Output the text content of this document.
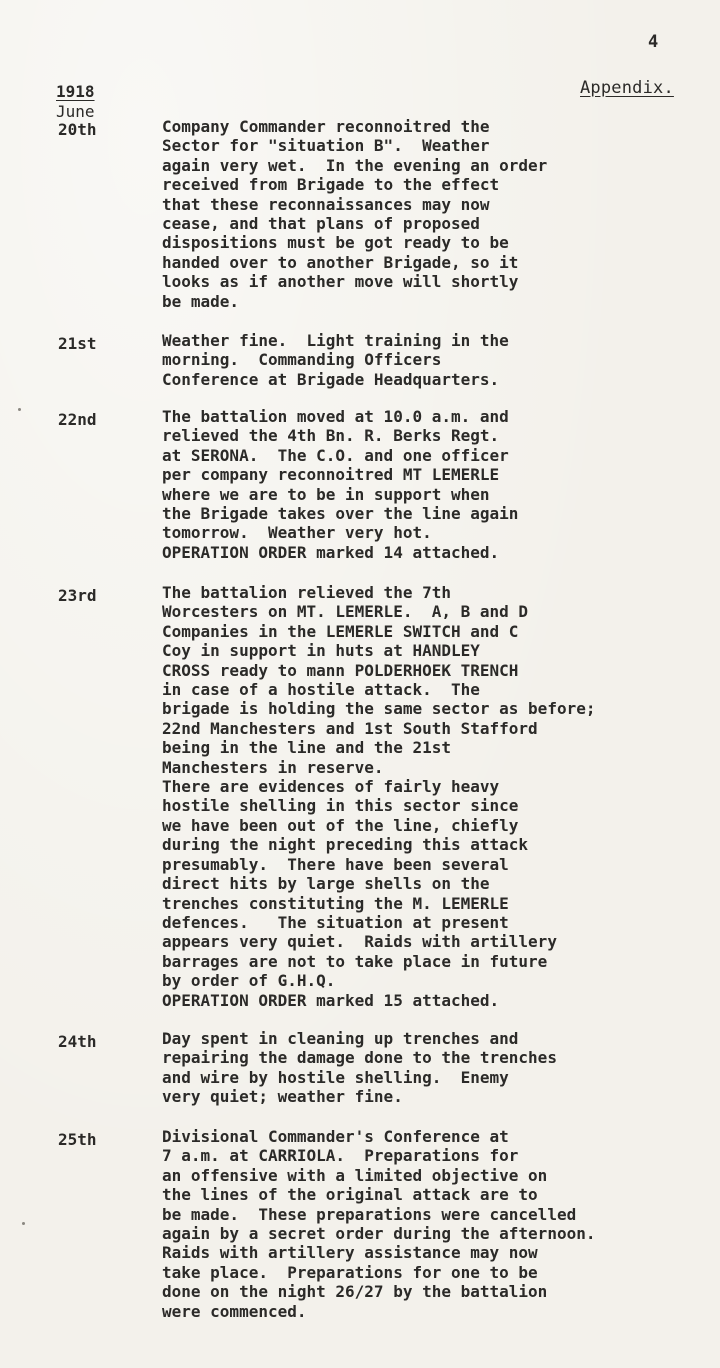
4
Appendix.
1918
June
20th	Company Commander reconnoitred the
Sector for "situation B".  Weather
again very wet.  In the evening an order
received from Brigade to the effect
that these reconnaissances may now
cease, and that plans of proposed
dispositions must be got ready to be
handed over to another Brigade, so it
looks as if another move will shortly
be made.
21st	Weather fine.  Light training in the
morning.  Commanding Officers
Conference at Brigade Headquarters.
22nd	The battalion moved at 10.0 a.m. and
relieved the 4th Bn. R. Berks Regt.
at SERONA.  The C.O. and one officer
per company reconnoitred MT LEMERLE
where we are to be in support when
the Brigade takes over the line again
tomorrow.  Weather very hot.
OPERATION ORDER marked 14 attached.
23rd	The battalion relieved the 7th
Worcesters on MT. LEMERLE.  A, B and D
Companies in the LEMERLE SWITCH and C
Coy in support in huts at HANDLEY
CROSS ready to mann POLDERHOEK TRENCH
in case of a hostile attack.  The
brigade is holding the same sector as before;
22nd Manchesters and 1st South Stafford
being in the line and the 21st
Manchesters in reserve.
There are evidences of fairly heavy
hostile shelling in this sector since
we have been out of the line, chiefly
during the night preceding this attack
presumably.  There have been several
direct hits by large shells on the
trenches constituting the M. LEMERLE
defences.   The situation at present
appears very quiet.  Raids with artillery
barrages are not to take place in future
by order of G.H.Q.
OPERATION ORDER marked 15 attached.
24th	Day spent in cleaning up trenches and
repairing the damage done to the trenches
and wire by hostile shelling.  Enemy
very quiet; weather fine.
25th	Divisional Commander's Conference at
7 a.m. at CARRIOLA.  Preparations for
an offensive with a limited objective on
the lines of the original attack are to
be made.  These preparations were cancelled
again by a secret order during the afternoon.
Raids with artillery assistance may now
take place.  Preparations for one to be
done on the night 26/27 by the battalion
were commenced.
